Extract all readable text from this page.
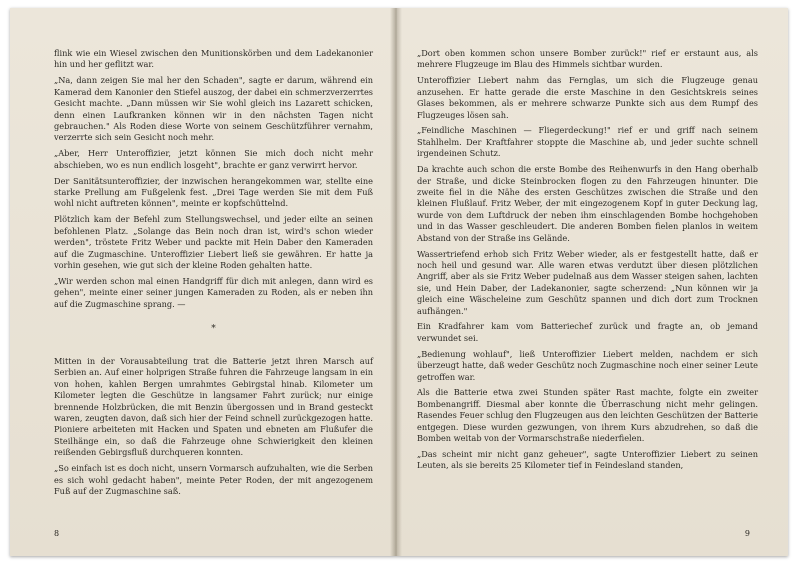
flink wie ein Wiesel zwischen den Munitionskörben und dem Ladekanonier hin und her geflitzt war.

„Na, dann zeigen Sie mal her den Schaden", sagte er darum, während ein Kamerad dem Kanonier den Stiefel auszog, der dabei ein schmerzverzerrtes Gesicht machte. „Dann müssen wir Sie wohl gleich ins Lazarett schicken, denn einen Laufkranken können wir in den nächsten Tagen nicht gebrauchen." Als Roden diese Worte von seinem Geschützführer vernahm, verzerrte sich sein Gesicht noch mehr.

„Aber, Herr Unteroffizier, jetzt können Sie mich doch nicht mehr abschieben, wo es nun endlich losgeht", brachte er ganz verwirrt hervor.

Der Sanitätsunteroffizier, der inzwischen herangekommen war, stellte eine starke Prellung am Fußgelenk fest. „Drei Tage werden Sie mit dem Fuß wohl nicht auftreten können", meinte er kopfschüttelnd.

Plötzlich kam der Befehl zum Stellungswechsel, und jeder eilte an seinen befohlenen Platz. „Solange das Bein noch dran ist, wird's schon wieder werden", tröstete Fritz Weber und packte mit Hein Daber den Kameraden auf die Zugmaschine. Unteroffizier Liebert ließ sie gewähren. Er hatte ja vorhin gesehen, wie gut sich der kleine Roden gehalten hatte.

„Wir werden schon mal einen Handgriff für dich mit anlegen, dann wird es gehen", meinte einer seiner jungen Kameraden zu Roden, als er neben ihn auf die Zugmaschine sprang. —

*

Mitten in der Vorausabteilung trat die Batterie jetzt ihren Marsch auf Serbien an. Auf einer holprigen Straße fuhren die Fahrzeuge langsam in ein von hohen, kahlen Bergen umrahmtes Gebirgstal hinab. Kilometer um Kilometer legten die Geschütze in langsamer Fahrt zurück; nur einige brennende Holzbrücken, die mit Benzin übergossen und in Brand gesteckt waren, zeugten davon, daß sich hier der Feind schnell zurückgezogen hatte. Pioniere arbeiteten mit Hacken und Spaten und ebneten am Flußufer die Steilhänge ein, so daß die Fahrzeuge ohne Schwierigkeit den kleinen reißenden Gebirgsfluß durchqueren konnten.

„So einfach ist es doch nicht, unsern Vormarsch aufzuhalten, wie die Serben es sich wohl gedacht haben", meinte Peter Roden, der mit angezogenem Fuß auf der Zugmaschine saß.

8

„Dort oben kommen schon unsere Bomber zurück!" rief er erstaunt aus, als mehrere Flugzeuge im Blau des Himmels sichtbar wurden.

Unteroffizier Liebert nahm das Fernglas, um sich die Flugzeuge genau anzusehen. Er hatte gerade die erste Maschine in den Gesichtskreis seines Glases bekommen, als er mehrere schwarze Punkte sich aus dem Rumpf des Flugzeuges lösen sah.

„Feindliche Maschinen — Fliegerdeckung!" rief er und griff nach seinem Stahlhelm. Der Kraftfahrer stoppte die Maschine ab, und jeder suchte schnell irgendeinen Schutz.

Da krachte auch schon die erste Bombe des Reihenwurfs in den Hang oberhalb der Straße, und dicke Steinbrocken flogen zu den Fahrzeugen hinunter. Die zweite fiel in die Nähe des ersten Geschützes zwischen die Straße und den kleinen Flußlauf. Fritz Weber, der mit eingezogenem Kopf in guter Deckung lag, wurde von dem Luftdruck der neben ihm einschlagenden Bombe hochgehoben und in das Wasser geschleudert. Die anderen Bomben fielen planlos in weitem Abstand von der Straße ins Gelände.

Wassertriefend erhob sich Fritz Weber wieder, als er festgestellt hatte, daß er noch heil und gesund war. Alle waren etwas verdutzt über diesen plötzlichen Angriff, aber als sie Fritz Weber pudelnaß aus dem Wasser steigen sahen, lachten sie, und Hein Daber, der Ladekanonier, sagte scherzend: „Nun können wir ja gleich eine Wäscheleine zum Geschütz spannen und dich dort zum Trocknen aufhängen."

Ein Kradfahrer kam vom Batteriechef zurück und fragte an, ob jemand verwundet sei.

„Bedienung wohlauf", ließ Unteroffizier Liebert melden, nachdem er sich überzeugt hatte, daß weder Geschütz noch Zugmaschine noch einer seiner Leute getroffen war.

Als die Batterie etwa zwei Stunden später Rast machte, folgte ein zweiter Bombenangriff. Diesmal aber konnte die Überraschung nicht mehr gelingen. Rasendes Feuer schlug den Flugzeugen aus den leichten Geschützen der Batterie entgegen. Diese wurden gezwungen, von ihrem Kurs abzudrehen, so daß die Bomben weitab von der Vormarschstraße niederfielen.

„Das scheint mir nicht ganz geheuer", sagte Unteroffizier Liebert zu seinen Leuten, als sie bereits 25 Kilometer tief in Feindesland standen,

9
